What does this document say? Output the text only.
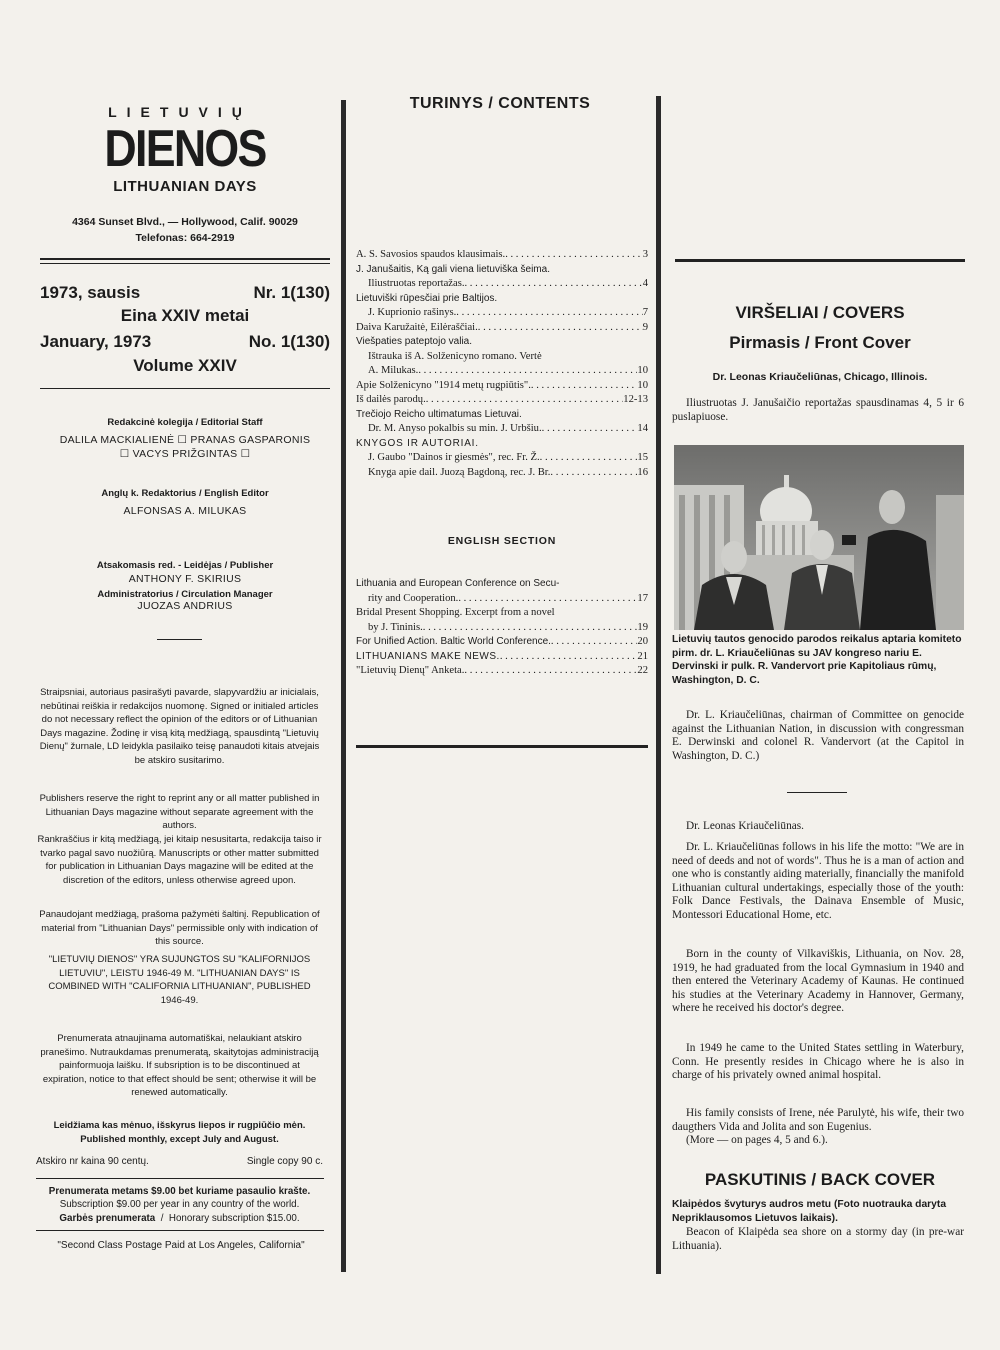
LIETUVIŲ
DIENOS
LITHUANIAN DAYS
4364 Sunset Blvd., — Hollywood, Calif. 90029
Telefonas: 664-2919
1973, sausis	Nr. 1(130)
Eina XXIV metai
January, 1973	No. 1(130)
Volume XXIV
Redakcinė kolegija / Editorial Staff
DALILA MACKIALIENĖ ☐ PRANAS GASPARONIS
☐ VACYS PRIŽGINTAS ☐
Anglų k. Redaktorius / English Editor
ALFONSAS A. MILUKAS
Atsakomasis red. - Leidėjas / Publisher
ANTHONY F. SKIRIUS
Administratorius / Circulation Manager
JUOZAS ANDRIUS
Straipsniai, autoriaus pasirašyti pavarde, slapyvardžiu ar inicialais, nebūtinai reiškia ir redakcijos nuomonę. Signed or initialed articles do not necessary reflect the opinion of the editors or of Lithuanian Days magazine. Žodinę ir visą kitą medžiagą, spausdintą "Lietuvių Dienų" žurnale, LD leidykla pasilaiko teisę panaudoti kitais atvejais be atskiro susitarimo.
Publishers reserve the right to reprint any or all matter published in Lithuanian Days magazine without separate agreement with the authors.
Rankraščius ir kitą medžiagą, jei kitaip nesusitarta, redakcija taiso ir tvarko pagal savo nuožiūrą. Manuscripts or other matter submitted for publication in Lithuanian Days magazine will be edited at the discretion of the editors, unless otherwise agreed upon.
Panaudojant medžiagą, prašoma pažymėti šaltinį. Republication of material from "Lithuanian Days" permissible only with indication of this source.
"LIETUVIŲ DIENOS" YRA SUJUNGTOS SU "KALIFORNIJOS LIETUVIU", LEISTU 1946-49 M. "LITHUANIAN DAYS" IS COMBINED WITH "CALIFORNIA LITHUANIAN", PUBLISHED 1946-49.
Prenumerata atnaujinama automatiškai, nelaukiant atskiro pranešimo. Nutraukdamas prenumeratą, skaitytojas administraciją painformuoja laišku. If subsription is to be discontinued at expiration, notice to that effect should be sent; otherwise it will be renewed automatically.
Leidžiama kas mėnuo, išskyrus liepos ir rugpiūčio mėn. Published monthly, except July and August.
Atskiro nr kaina 90 centų.	Single copy 90 c.
Prenumerata metams $9.00 bet kuriame pasaulio krašte.
Subscription $9.00 per year in any country of the world.
Garbės prenumerata  /  Honorary subscription $15.00.
"Second Class Postage Paid at Los Angeles, California"
TURINYS / CONTENTS
A. S. Savosios spaudos klausimais. . . .	3
J. Janušaitis, Ką gali viena lietuviška šeima.
Iliustruotas reportažas. . . .	4
Lietuviški rūpesčiai prie Baltijos.
J. Kuprionio rašinys. . . .	7
Daiva Karužaitė, Eilėraščiai. . . .	9
Viešpaties pateptojo valia.
Ištrauka iš A. Solženicyno romano. Vertė
A. Milukas. . . .	10
Apie Solženicyno "1914 metų rugpiūtis". . . .	10
Iš dailės parodų. . . .	12-13
Trečiojo Reicho ultimatumas Lietuvai.
Dr. M. Anyso pokalbis su min. J. Urbšiu. . . .	14
KNYGOS IR AUTORIAI.
J. Gaubo "Dainos ir giesmės", rec. Fr. Ž. . . .	15
Knyga apie dail. Juozą Bagdoną, rec. J. Br. . . .	16
ENGLISH SECTION
Lithuania and European Conference on Secu-
rity and Cooperation. . . .	17
Bridal Present Shopping. Excerpt from a novel
by J. Tininis. . . .	19
For Unified Action. Baltic World Conference. . . .	20
LITHUANIANS MAKE NEWS. . . .	21
"Lietuvių Dienų" Anketa. . . .	22
VIRŠELIAI / COVERS
Pirmasis / Front Cover
Dr. Leonas Kriaučeliūnas, Chicago, Illinois.
Iliustruotas J. Janušaičio reportažas spausdinamas 4, 5 ir 6 puslapiuose.
Lietuvių tautos genocido parodos reikalus aptaria komiteto pirm. dr. L. Kriaučeliūnas su JAV kongreso nariu E. Dervinski ir pulk. R. Vandervort prie Kapitoliaus rūmų, Washington, D. C.
Dr. L. Kriaučeliūnas, chairman of Committee on genocide against the Lithuanian Nation, in discussion with congressman E. Derwinski and colonel R. Vandervort (at the Capitol in Washington, D. C.)
Dr. Leonas Kriaučeliūnas.
Dr. L. Kriaučeliūnas follows in his life the motto: "We are in need of deeds and not of words". Thus he is a man of action and one who is constantly aiding materially, financially the manifold Lithuanian cultural undertakings, especially those of the youth: Folk Dance Festivals, the Dainava Ensemble of Music, Montessori Educational Home, etc.
Born in the county of Vilkaviškis, Lithuania, on Nov. 28, 1919, he had graduated from the local Gymnasium in 1940 and then entered the Veterinary Academy of Kaunas. He continued his studies at the Veterinary Academy in Hannover, Germany, where he received his doctor's degree.
In 1949 he came to the United States settling in Waterbury, Conn. He presently resides in Chicago where he is also in charge of his privately owned animal hospital.
His family consists of Irene, née Parulytė, his wife, their two daugthers Vida and Jolita and son Eugenius.
(More — on pages 4, 5 and 6.).
PASKUTINIS / BACK COVER
Klaipėdos švyturys audros metu (Foto nuotrauka daryta Nepriklausomos Lietuvos laikais).
Beacon of Klaipėda sea shore on a stormy day (in pre-war Lithuania).
